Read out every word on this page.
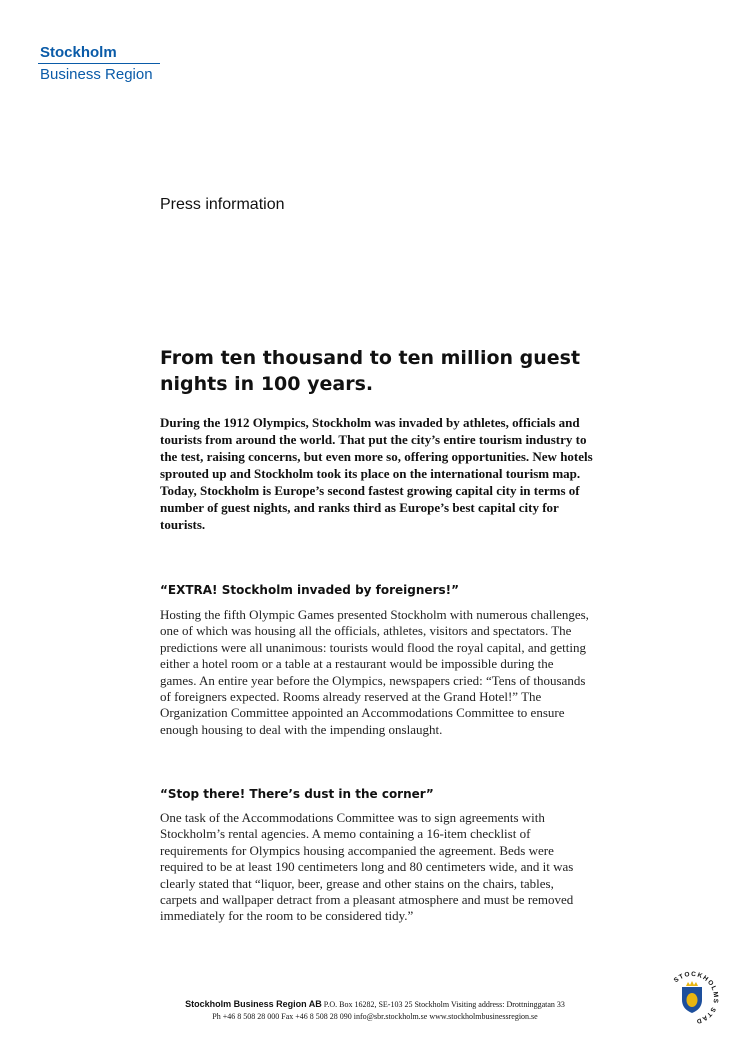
Stockholm
Business Region
Press information
From ten thousand to ten million guest nights in 100 years.

During the 1912 Olympics, Stockholm was invaded by athletes, officials and tourists from around the world. That put the city’s entire tourism industry to the test, raising concerns, but even more so, offering opportunities. New hotels sprouted up and Stockholm took its place on the international tourism map. Today, Stockholm is Europe’s second fastest growing capital city in terms of number of guest nights, and ranks third as Europe’s best capital city for tourists.

“EXTRA! Stockholm invaded by foreigners!”

Hosting the fifth Olympic Games presented Stockholm with numerous challenges, one of which was housing all the officials, athletes, visitors and spectators. The predictions were all unanimous: tourists would flood the royal capital, and getting either a hotel room or a table at a restaurant would be impossible during the games. An entire year before the Olympics, newspapers cried: “Tens of thousands of foreigners expected. Rooms already reserved at the Grand Hotel!” The Organization Committee appointed an Accommodations Committee to ensure enough housing to deal with the impending onslaught.

“Stop there! There’s dust in the corner”

One task of the Accommodations Committee was to sign agreements with Stockholm’s rental agencies. A memo containing a 16-item checklist of requirements for Olympics housing accompanied the agreement. Beds were required to be at least 190 centimeters long and 80 centimeters wide, and it was clearly stated that “liquor, beer, grease and other stains on the chairs, tables, carpets and wallpaper detract from a pleasant atmosphere and must be removed immediately for the room to be considered tidy.”

Stockholm Business Region AB P.O. Box 16282, SE-103 25 Stockholm Visiting address: Drottninggatan 33
Ph +46 8 508 28 000 Fax +46 8 508 28 090 info@sbr.stockholm.se www.stockholmbusinessregion.se
STOCKHOLMS STAD
